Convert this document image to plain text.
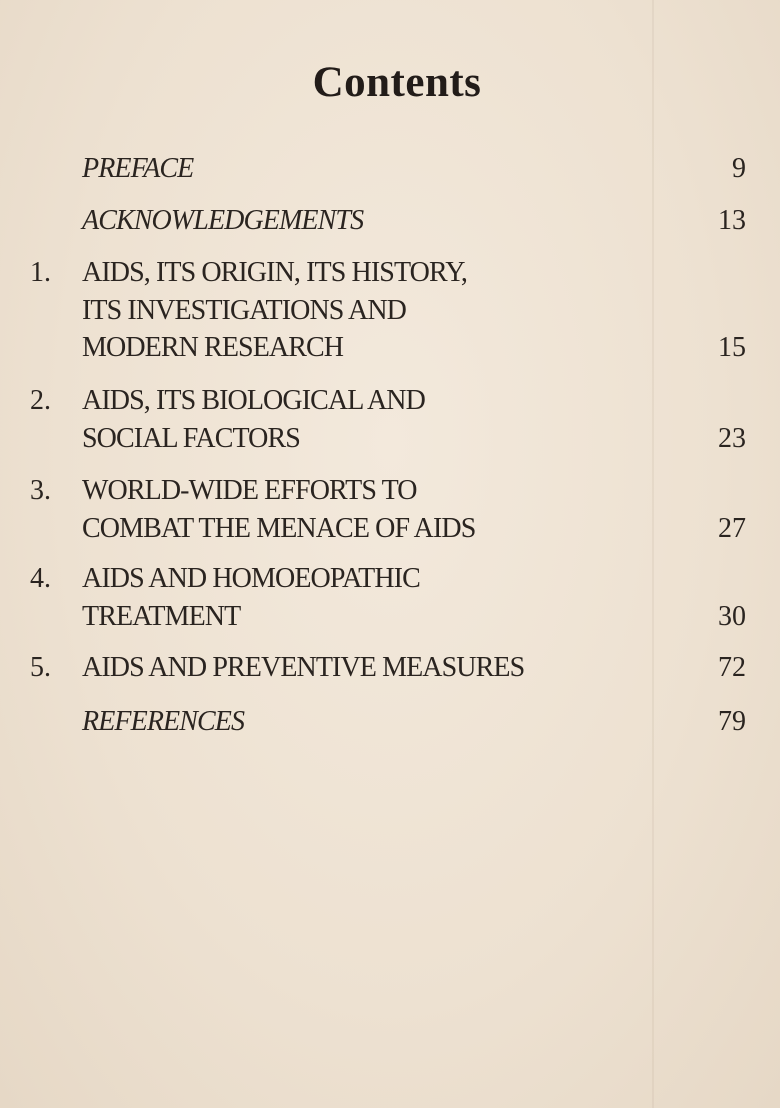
Contents
PREFACE	9
ACKNOWLEDGEMENTS	13
1. AIDS, ITS ORIGIN, ITS HISTORY,
ITS INVESTIGATIONS AND
MODERN RESEARCH	15
2. AIDS, ITS BIOLOGICAL AND
SOCIAL FACTORS	23
3. WORLD-WIDE EFFORTS TO
COMBAT THE MENACE OF AIDS	27
4. AIDS AND HOMOEOPATHIC
TREATMENT	30
5. AIDS AND PREVENTIVE MEASURES	72
REFERENCES	79
